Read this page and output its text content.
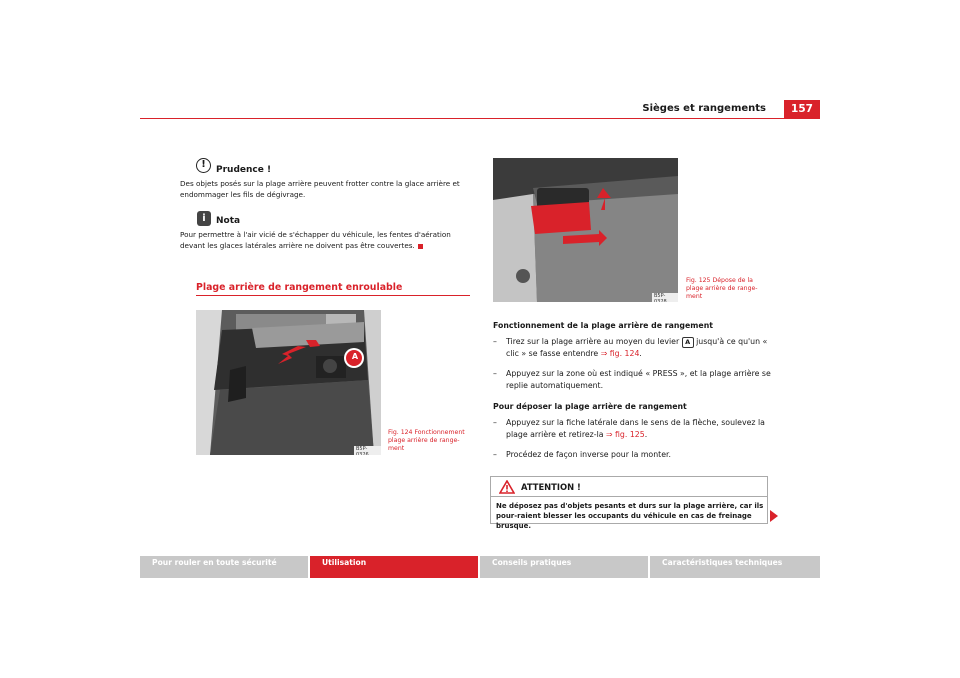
Sièges et rangements	157
!	Prudence !
Des objets posés sur la plage arrière peuvent frotter contre la glace arrière et endommager les fils de dégivrage.
i	Nota
Pour permettre à l'air vicié de s'échapper du véhicule, les fentes d'aération devant les glaces latérales arrière ne doivent pas être couvertes.
Plage arrière de rangement enroulable
A
B5P-0326
Fig. 124 Fonctionnement plage arrière de range-ment
B5P-0328
Fig. 125 Dépose de la plage arrière de range-ment
Fonctionnement de la plage arrière de rangement
–	Tirez sur la plage arrière au moyen du levier A jusqu'à ce qu'un « clic » se fasse entendre ⇒ fig. 124.
–	Appuyez sur la zone où est indiqué « PRESS », et la plage arrière se replie automatiquement.
Pour déposer la plage arrière de rangement
–	Appuyez sur la fiche latérale dans le sens de la flèche, soulevez la plage arrière et retirez-la ⇒ fig. 125.
–	Procédez de façon inverse pour la monter.
ATTENTION !
Ne déposez pas d'objets pesants et durs sur la plage arrière, car ils pour-raient blesser les occupants du véhicule en cas de freinage brusque.
Pour rouler en toute sécurité	Utilisation	Conseils pratiques	Caractéristiques techniques
